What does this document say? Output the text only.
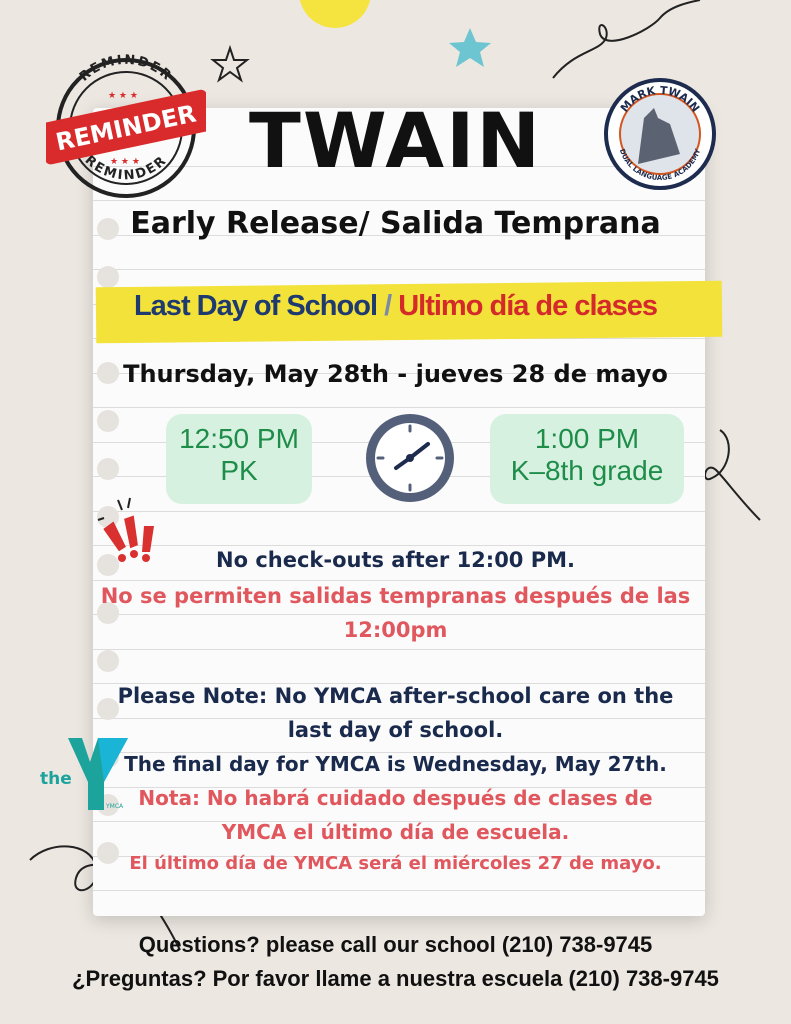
REMINDER
REMINDER
REMINDER
★ ★ ★
★ ★ ★
MARK TWAIN
DUAL LANGUAGE ACADEMY
TWAIN
Early Release/ Salida Temprana
Last Day of School / Ultimo día de clases
Thursday, May 28th - jueves 28 de mayo
12:50 PM
PK
1:00 PM
K–8th grade
No check-outs after 12:00 PM.
No se permiten salidas tempranas después de las
12:00pm
Please Note: No YMCA after-school care on the
last day of school.
The final day for YMCA is Wednesday, May 27th.
Nota: No habrá cuidado después de clases de
YMCA el último día de escuela.
El último día de YMCA será el miércoles 27 de mayo.
the
YMCA
Questions? please call our school (210) 738-9745
¿Preguntas? Por favor llame a nuestra escuela (210) 738-9745
